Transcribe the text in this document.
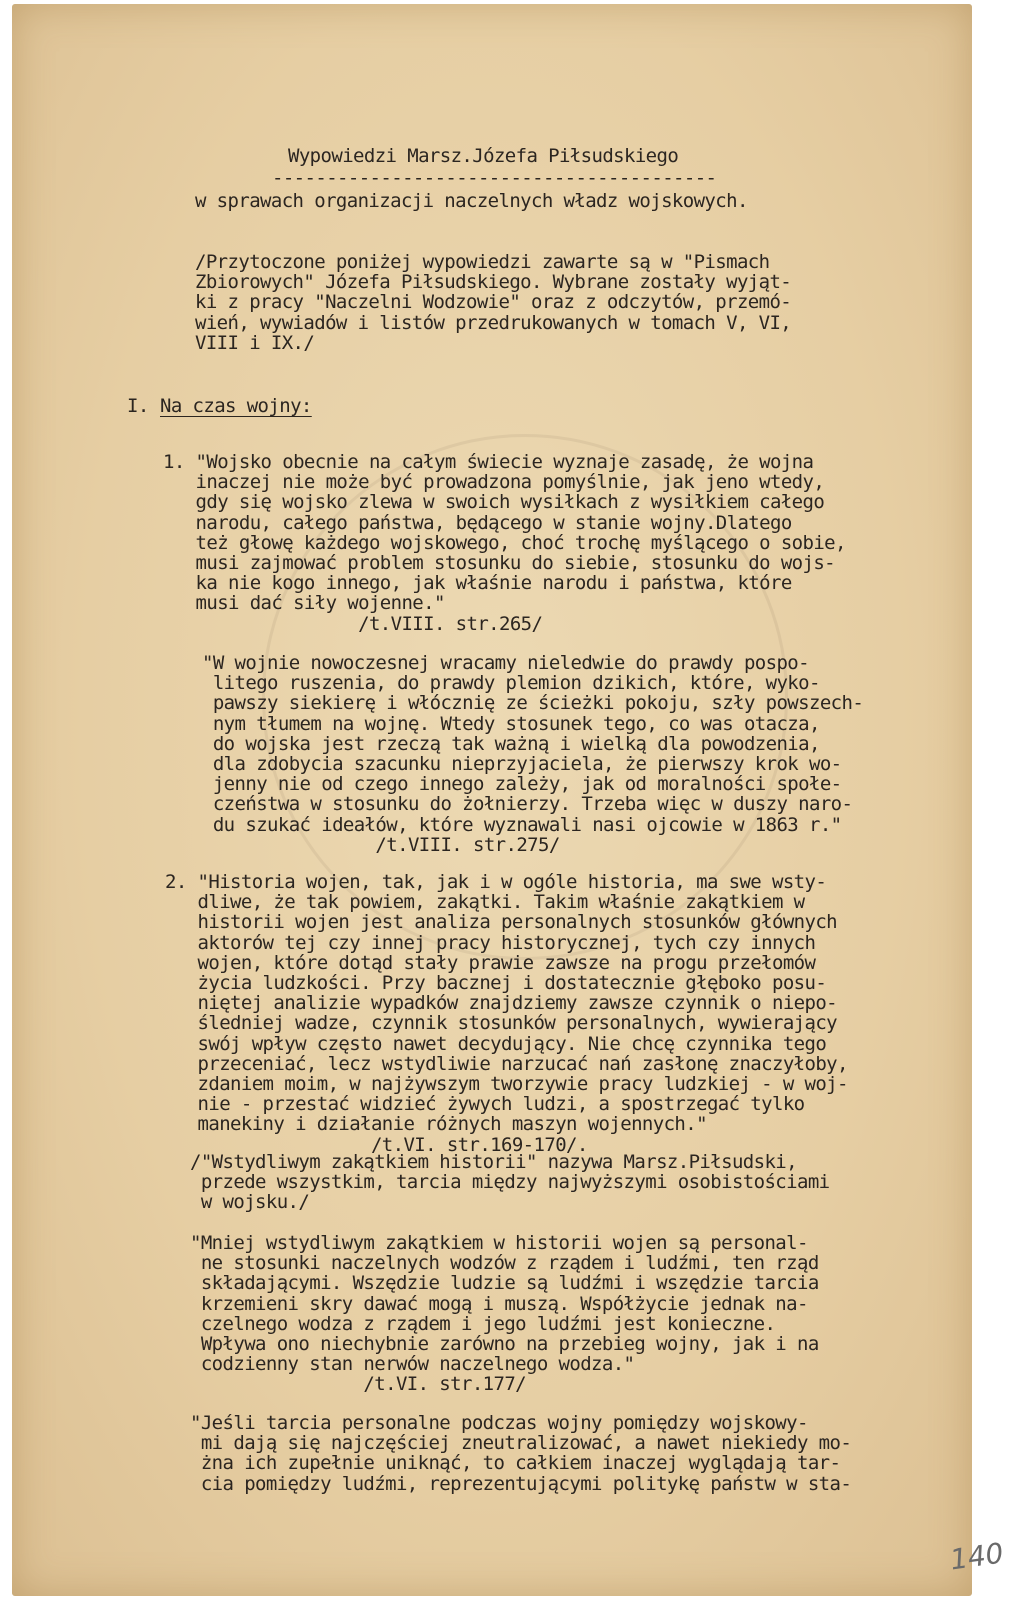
Wypowiedzi Marsz.Józefa Piłsudskiego
-----------------------------------------
w sprawach organizacji naczelnych władz wojskowych.
/Przytoczone poniżej wypowiedzi zawarte są w "Pismach
Zbiorowych" Józefa Piłsudskiego. Wybrane zostały wyjąt-
ki z pracy "Naczelni Wodzowie" oraz z odczytów, przemó-
wień, wywiadów i listów przedrukowanych w tomach V, VI,
VIII i IX./
I. Na czas wojny:
1. "Wojsko obecnie na całym świecie wyznaje zasadę, że wojna
inaczej nie może być prowadzona pomyślnie, jak jeno wtedy,
gdy się wojsko zlewa w swoich wysiłkach z wysiłkiem całego
narodu, całego państwa, będącego w stanie wojny.Dlatego
też głowę każdego wojskowego, choć trochę myślącego o sobie,
musi zajmować problem stosunku do siebie, stosunku do wojs-
ka nie kogo innego, jak właśnie narodu i państwa, które
musi dać siły wojenne."
/t.VIII. str.265/
"W wojnie nowoczesnej wracamy nieledwie do prawdy pospo-
litego ruszenia, do prawdy plemion dzikich, które, wyko-
pawszy siekierę i włócznię ze ścieżki pokoju, szły powszech-
nym tłumem na wojnę. Wtedy stosunek tego, co was otacza,
do wojska jest rzeczą tak ważną i wielką dla powodzenia,
dla zdobycia szacunku nieprzyjaciela, że pierwszy krok wo-
jenny nie od czego innego zależy, jak od moralności społe-
czeństwa w stosunku do żołnierzy. Trzeba więc w duszy naro-
du szukać ideałów, które wyznawali nasi ojcowie w 1863 r."
/t.VIII. str.275/
2. "Historia wojen, tak, jak i w ogóle historia, ma swe wsty-
dliwe, że tak powiem, zakątki. Takim właśnie zakątkiem w
historii wojen jest analiza personalnych stosunków głównych
aktorów tej czy innej pracy historycznej, tych czy innych
wojen, które dotąd stały prawie zawsze na progu przełomów
życia ludzkości. Przy bacznej i dostatecznie głęboko posu-
niętej analizie wypadków znajdziemy zawsze czynnik o niepo-
śledniej wadze, czynnik stosunków personalnych, wywierający
swój wpływ często nawet decydujący. Nie chcę czynnika tego
przeceniać, lecz wstydliwie narzucać nań zasłonę znaczyłoby,
zdaniem moim, w najżywszym tworzywie pracy ludzkiej - w woj-
nie - przestać widzieć żywych ludzi, a spostrzegać tylko
manekiny i działanie różnych maszyn wojennych."
/t.VI. str.169-170/.
/"Wstydliwym zakątkiem historii" nazywa Marsz.Piłsudski,
przede wszystkim, tarcia między najwyższymi osobistościami
w wojsku./
"Mniej wstydliwym zakątkiem w historii wojen są personal-
ne stosunki naczelnych wodzów z rządem i ludźmi, ten rząd
składającymi. Wszędzie ludzie są ludźmi i wszędzie tarcia
krzemieni skry dawać mogą i muszą. Współżycie jednak na-
czelnego wodza z rządem i jego ludźmi jest konieczne.
Wpływa ono niechybnie zarówno na przebieg wojny, jak i na
codzienny stan nerwów naczelnego wodza."
/t.VI. str.177/
"Jeśli tarcia personalne podczas wojny pomiędzy wojskowy-
mi dają się najczęściej zneutralizować, a nawet niekiedy mo-
żna ich zupełnie uniknąć, to całkiem inaczej wyglądają tar-
cia pomiędzy ludźmi, reprezentującymi politykę państw w sta-
140
